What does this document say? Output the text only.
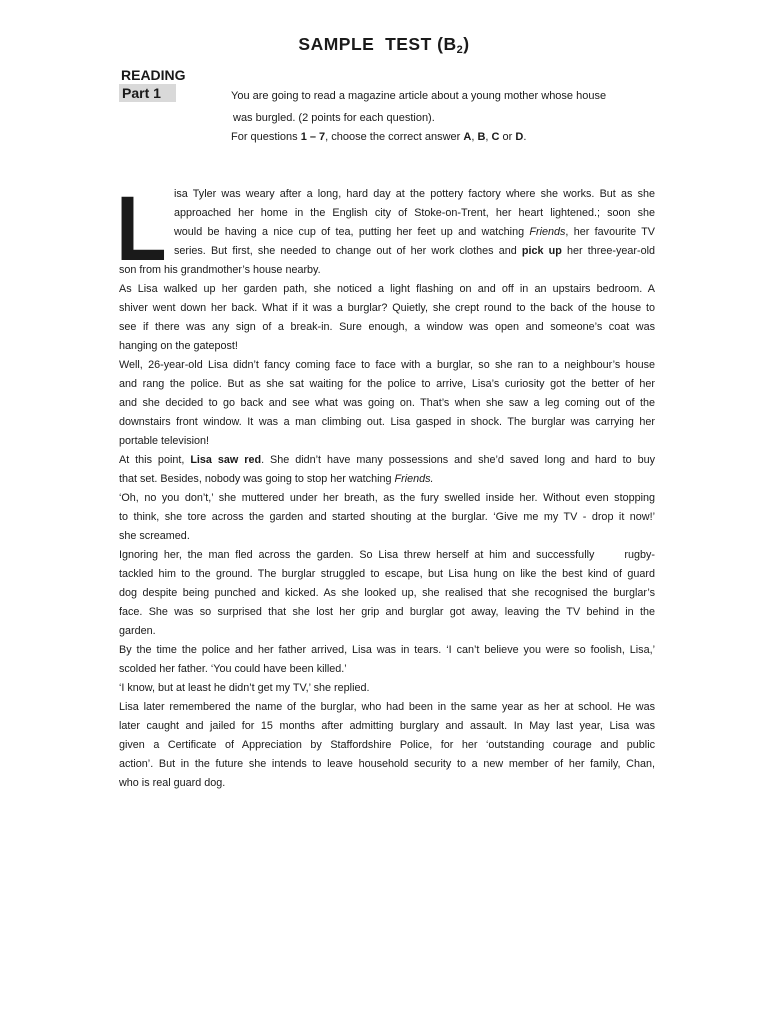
SAMPLE  TEST $(B_2)$
READING
Part 1	You are going to read a magazine article about a young mother whose house
was burgled. (2 points for each question).
For questions 1 – 7, choose the correct answer A, B, C or D.
L isa Tyler was weary after a long, hard day at the pottery factory where she works. But as she
approached her home in the English city of Stoke-on-Trent, her heart lightened.; soon she
would be having a nice cup of tea, putting her feet up and watching Friends, her favourite TV
series. But first, she needed to change out of her work clothes and pick up her three-year-old
son from his grandmother’s house nearby.
As Lisa walked up her garden path, she noticed a light flashing on and off in an upstairs bedroom. A
shiver went down her back. What if it was a burglar? Quietly, she crept round to the back of the house to
see if there was any sign of a break-in. Sure enough, a window was open and someone’s coat was
hanging on the gatepost!
Well, 26-year-old Lisa didn’t fancy coming face to face with a burglar, so she ran to a neighbour’s house
and rang the police. But as she sat waiting for the police to arrive, Lisa’s curiosity got the better of her
and she decided to go back and see what was going on. That’s when she saw a leg coming out of the
downstairs front window. It was a man climbing out. Lisa gasped in shock. The burglar was carrying her
portable television!
At this point, Lisa saw red. She didn’t have many possessions and she’d saved long and hard to buy
that set. Besides, nobody was going to stop her watching Friends.
‘Oh, no you don’t,’ she muttered under her breath, as the fury swelled inside her. Without even stopping
to think, she tore across the garden and started shouting at the burglar. ‘Give me my TV - drop it now!’
she screamed.
Ignoring her, the man fled across the garden. So Lisa threw herself at him and successfully	rugby-
tackled him to the ground. The burglar struggled to escape, but Lisa hung on like the best kind of guard
dog despite being punched and kicked. As she looked up, she realised that she recognised the burglar’s
face. She was so surprised that she lost her grip and burglar got away, leaving the TV behind in the
garden.
By the time the police and her father arrived, Lisa was in tears. ‘I can’t believe you were so foolish, Lisa,’
scolded her father. ‘You could have been killed.’
‘I know, but at least he didn’t get my TV,’ she replied.
Lisa later remembered the name of the burglar, who had been in the same year as her at school. He was
later caught and jailed for 15 months after admitting burglary and assault. In May last year, Lisa was
given a Certificate of Appreciation by Staffordshire Police, for her ‘outstanding courage and public
action’. But in the future she intends to leave household security to a new member of her family, Chan,
who is real guard dog.
